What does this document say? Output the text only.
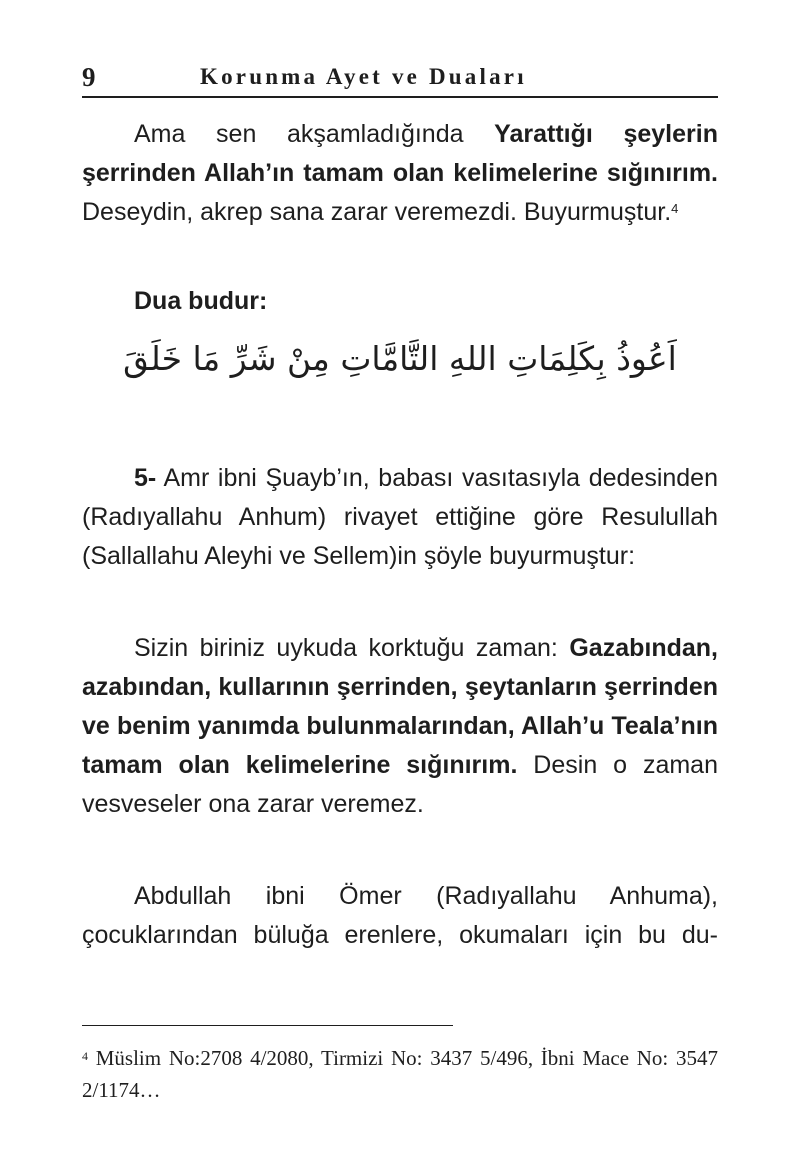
9	Korunma Ayet ve Duaları

Ama sen akşamladığında Yarattığı şeylerin şerrinden Allah’ın tamam olan kelimelerine sığınırım. Deseydin, akrep sana zarar veremezdi. Buyurmuştur.$^4$

Dua budur:
اَعُوذُ بِكَلِمَاتِ اللهِ التَّامَّاتِ مِنْ شَرِّ مَا خَلَقَ

5- Amr ibni Şuayb’ın, babası vasıtasıyla dedesinden (Radıyallahu Anhum) rivayet ettiğine göre Resulullah (Sallallahu Aleyhi ve Sellem)in şöyle buyurmuştur:

Sizin biriniz uykuda korktuğu zaman: Gazabından, azabından, kullarının şerrinden, şeytanların şerrinden ve benim yanımda bulunmalarından, Allah’u Teala’nın tamam olan kelimelerine sığınırım. Desin o zaman vesveseler ona zarar veremez.

Abdullah ibni Ömer (Radıyallahu Anhuma), çocuklarından büluğa erenlere, okumaları için bu du-

$^4$ Müslim No:2708 4/2080, Tirmizi No: 3437 5/496, İbni Mace No: 3547 2/1174…
